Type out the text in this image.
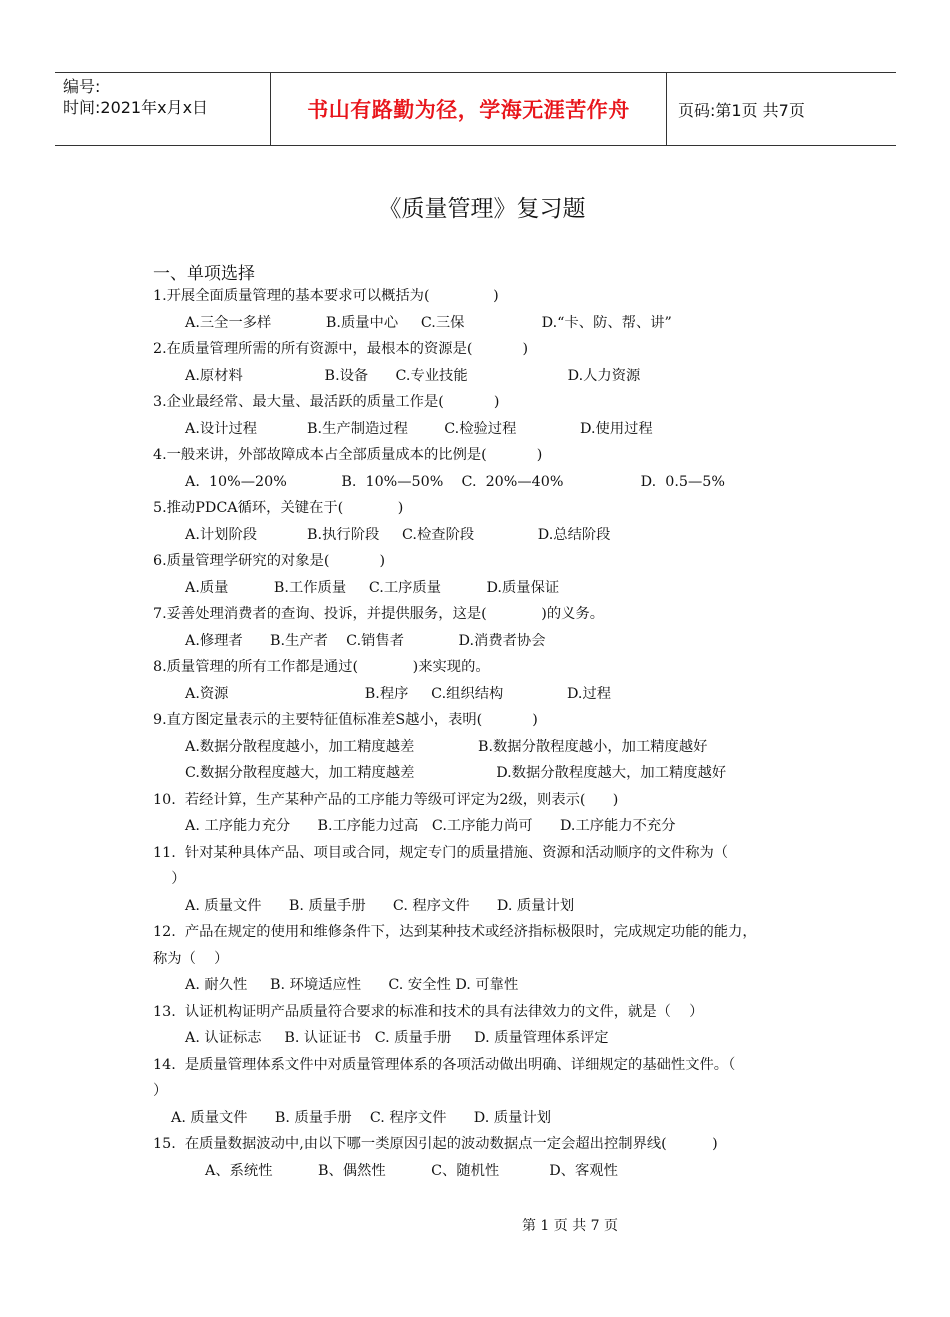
编号:
时间:2021年x月x日	书山有路勤为径，学海无涯苦作舟	页码:第1页 共7页
《质量管理》复习题
一、单项选择

1.开展全面质量管理的基本要求可以概括为(              )

A.三全一多样            B.质量中心     C.三保                 D.“卡、防、帮、讲”

2.在质量管理所需的所有资源中，最根本的资源是(           )

A.原材料                  B.设备      C.专业技能                      D.人力资源

3.企业最经常、最大量、最活跃的质量工作是(           )

A.设计过程           B.生产制造过程        C.检验过程              D.使用过程

4.一般来讲，外部故障成本占全部质量成本的比例是(           )

A.  10%—20%            B.  10%—50%    C.  20%—40%                 D.  0.5—5%

5.推动PDCA循环，关键在于(            )

A.计划阶段           B.执行阶段     C.检查阶段              D.总结阶段

6.质量管理学研究的对象是(           )

A.质量          B.工作质量     C.工序质量          D.质量保证

7.妥善处理消费者的查询、投诉，并提供服务，这是(            )的义务。

A.修理者      B.生产者    C.销售者            D.消费者协会

8.质量管理的所有工作都是通过(            )来实现的。

A.资源                              B.程序     C.组织结构              D.过程

9.直方图定量表示的主要特征值标准差S越小，表明(           )

A.数据分散程度越小，加工精度越差              B.数据分散程度越小，加工精度越好

C.数据分散程度越大，加工精度越差                  D.数据分散程度越大，加工精度越好

10.  若经计算，生产某种产品的工序能力等级可评定为2级，则表示(      )

A. 工序能力充分      B.工序能力过高   C.工序能力尚可      D.工序能力不充分

11.  针对某种具体产品、项目或合同，规定专门的质量措施、资源和活动顺序的文件称为（
）

A. 质量文件      B. 质量手册      C. 程序文件      D. 质量计划

12.  产品在规定的使用和维修条件下，达到某种技术或经济指标极限时，完成规定功能的能力，
称为（    ）

A. 耐久性     B. 环境适应性      C. 安全性 D. 可靠性

13.  认证机构证明产品质量符合要求的标准和技术的具有法律效力的文件，就是（    ）

A. 认证标志     B. 认证证书   C. 质量手册     D. 质量管理体系评定

14.  是质量管理体系文件中对质量管理体系的各项活动做出明确、详细规定的基础性文件。（
）

A. 质量文件      B. 质量手册    C. 程序文件      D. 质量计划

15.  在质量数据波动中,由以下哪一类原因引起的波动数据点一定会超出控制界线(          )

A、系统性          B、偶然性          C、随机性           D、客观性

第 1 页 共 7 页
